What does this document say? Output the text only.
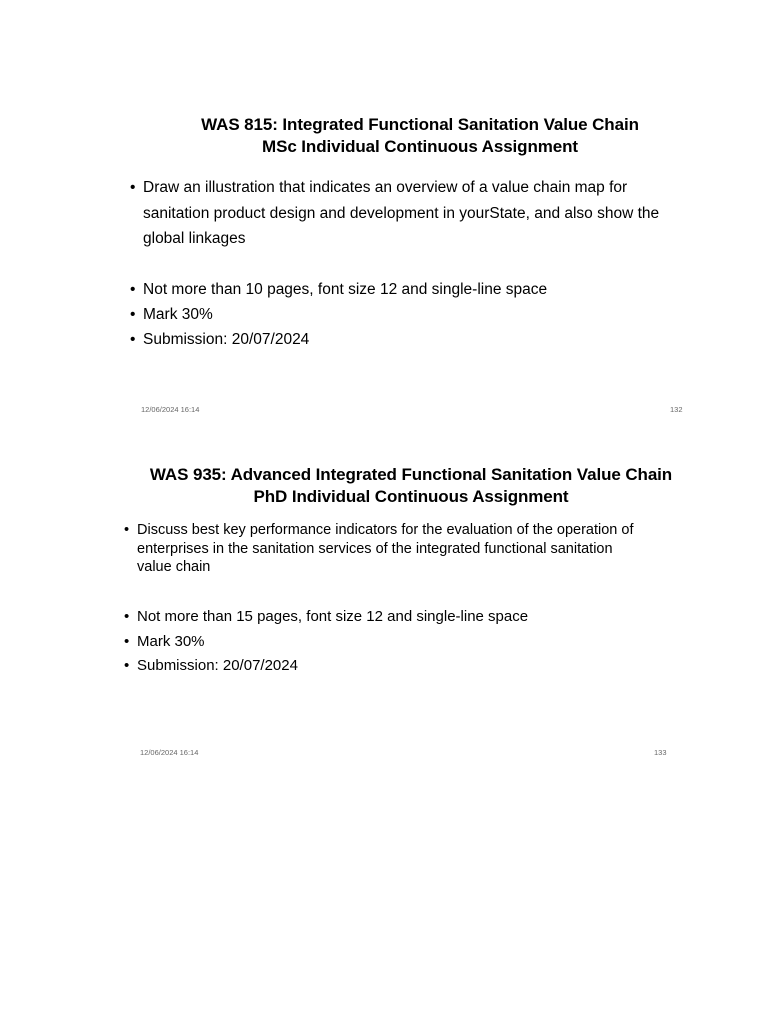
WAS 815: Integrated Functional Sanitation Value Chain
MSc Individual Continuous Assignment
• Draw an illustration that indicates an overview of a value chain map for sanitation product design and development in yourState, and also show the global linkages
• Not more than 10 pages, font size 12 and single-line space
• Mark 30%
• Submission: 20/07/2024
12/06/2024 16:14	132
WAS 935: Advanced Integrated Functional Sanitation Value Chain
PhD Individual Continuous Assignment
• Discuss best key performance indicators for the evaluation of the operation of enterprises in the sanitation services of the integrated functional sanitation value chain
• Not more than 15 pages, font size 12 and single-line space
• Mark 30%
• Submission: 20/07/2024
12/06/2024 16:14	133
